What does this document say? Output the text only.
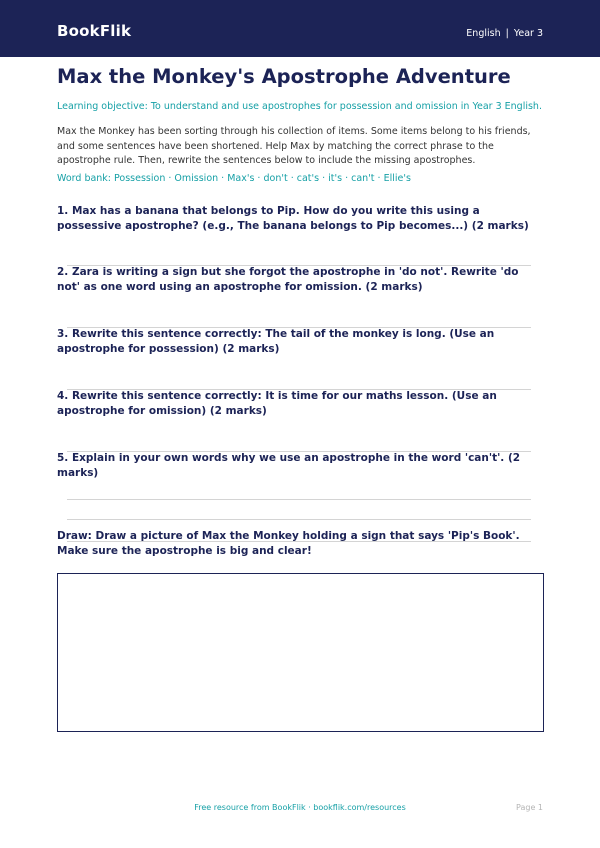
BookFlik	English | Year 3
Max the Monkey's Apostrophe Adventure
Learning objective: To understand and use apostrophes for possession and omission in Year 3 English.
Max the Monkey has been sorting through his collection of items. Some items belong to his friends, and some sentences have been shortened. Help Max by matching the correct phrase to the apostrophe rule. Then, rewrite the sentences below to include the missing apostrophes.
Word bank: Possession · Omission · Max's · don't · cat's · it's · can't · Ellie's
1. Max has a banana that belongs to Pip. How do you write this using a possessive apostrophe? (e.g., The banana belongs to Pip becomes...) (2 marks)
2. Zara is writing a sign but she forgot the apostrophe in 'do not'. Rewrite 'do not' as one word using an apostrophe for omission. (2 marks)
3. Rewrite this sentence correctly: The tail of the monkey is long. (Use an apostrophe for possession) (2 marks)
4. Rewrite this sentence correctly: It is time for our maths lesson. (Use an apostrophe for omission) (2 marks)
5. Explain in your own words why we use an apostrophe in the word 'can't'. (2 marks)
Draw: Draw a picture of Max the Monkey holding a sign that says 'Pip's Book'. Make sure the apostrophe is big and clear!
Free resource from BookFlik · bookflik.com/resources	Page 1
